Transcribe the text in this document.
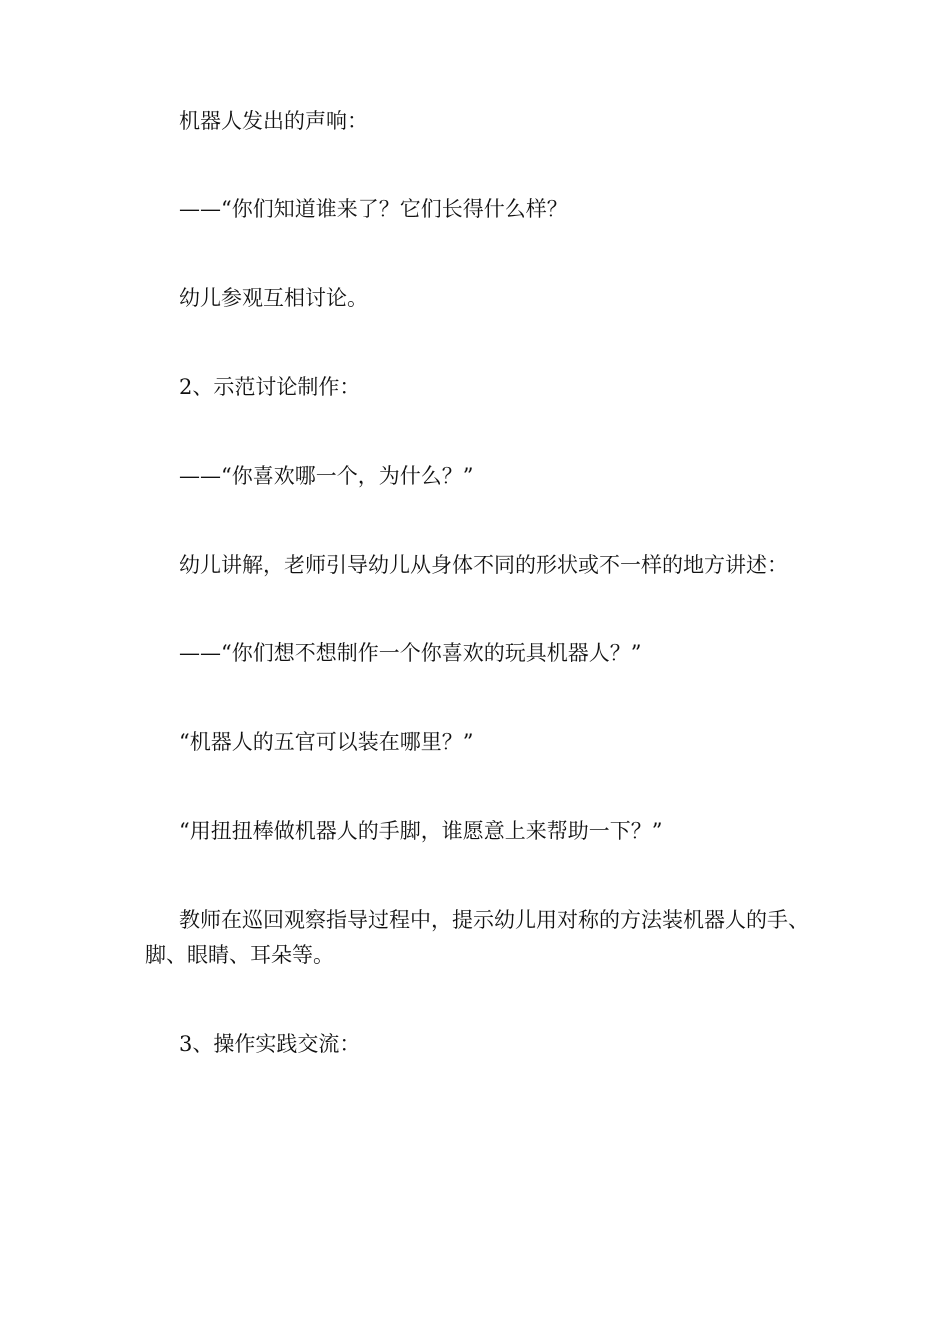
机器人发出的声响：

——“你们知道谁来了？它们长得什么样？

幼儿参观互相讨论。

2、示范讨论制作：

——“你喜欢哪一个，为什么？”

幼儿讲解，老师引导幼儿从身体不同的形状或不一样的地方讲述：

——“你们想不想制作一个你喜欢的玩具机器人？”

“机器人的五官可以装在哪里？”

“用扭扭棒做机器人的手脚，谁愿意上来帮助一下？”

教师在巡回观察指导过程中，提示幼儿用对称的方法装机器人的手、脚、眼睛、耳朵等。

3、操作实践交流：
